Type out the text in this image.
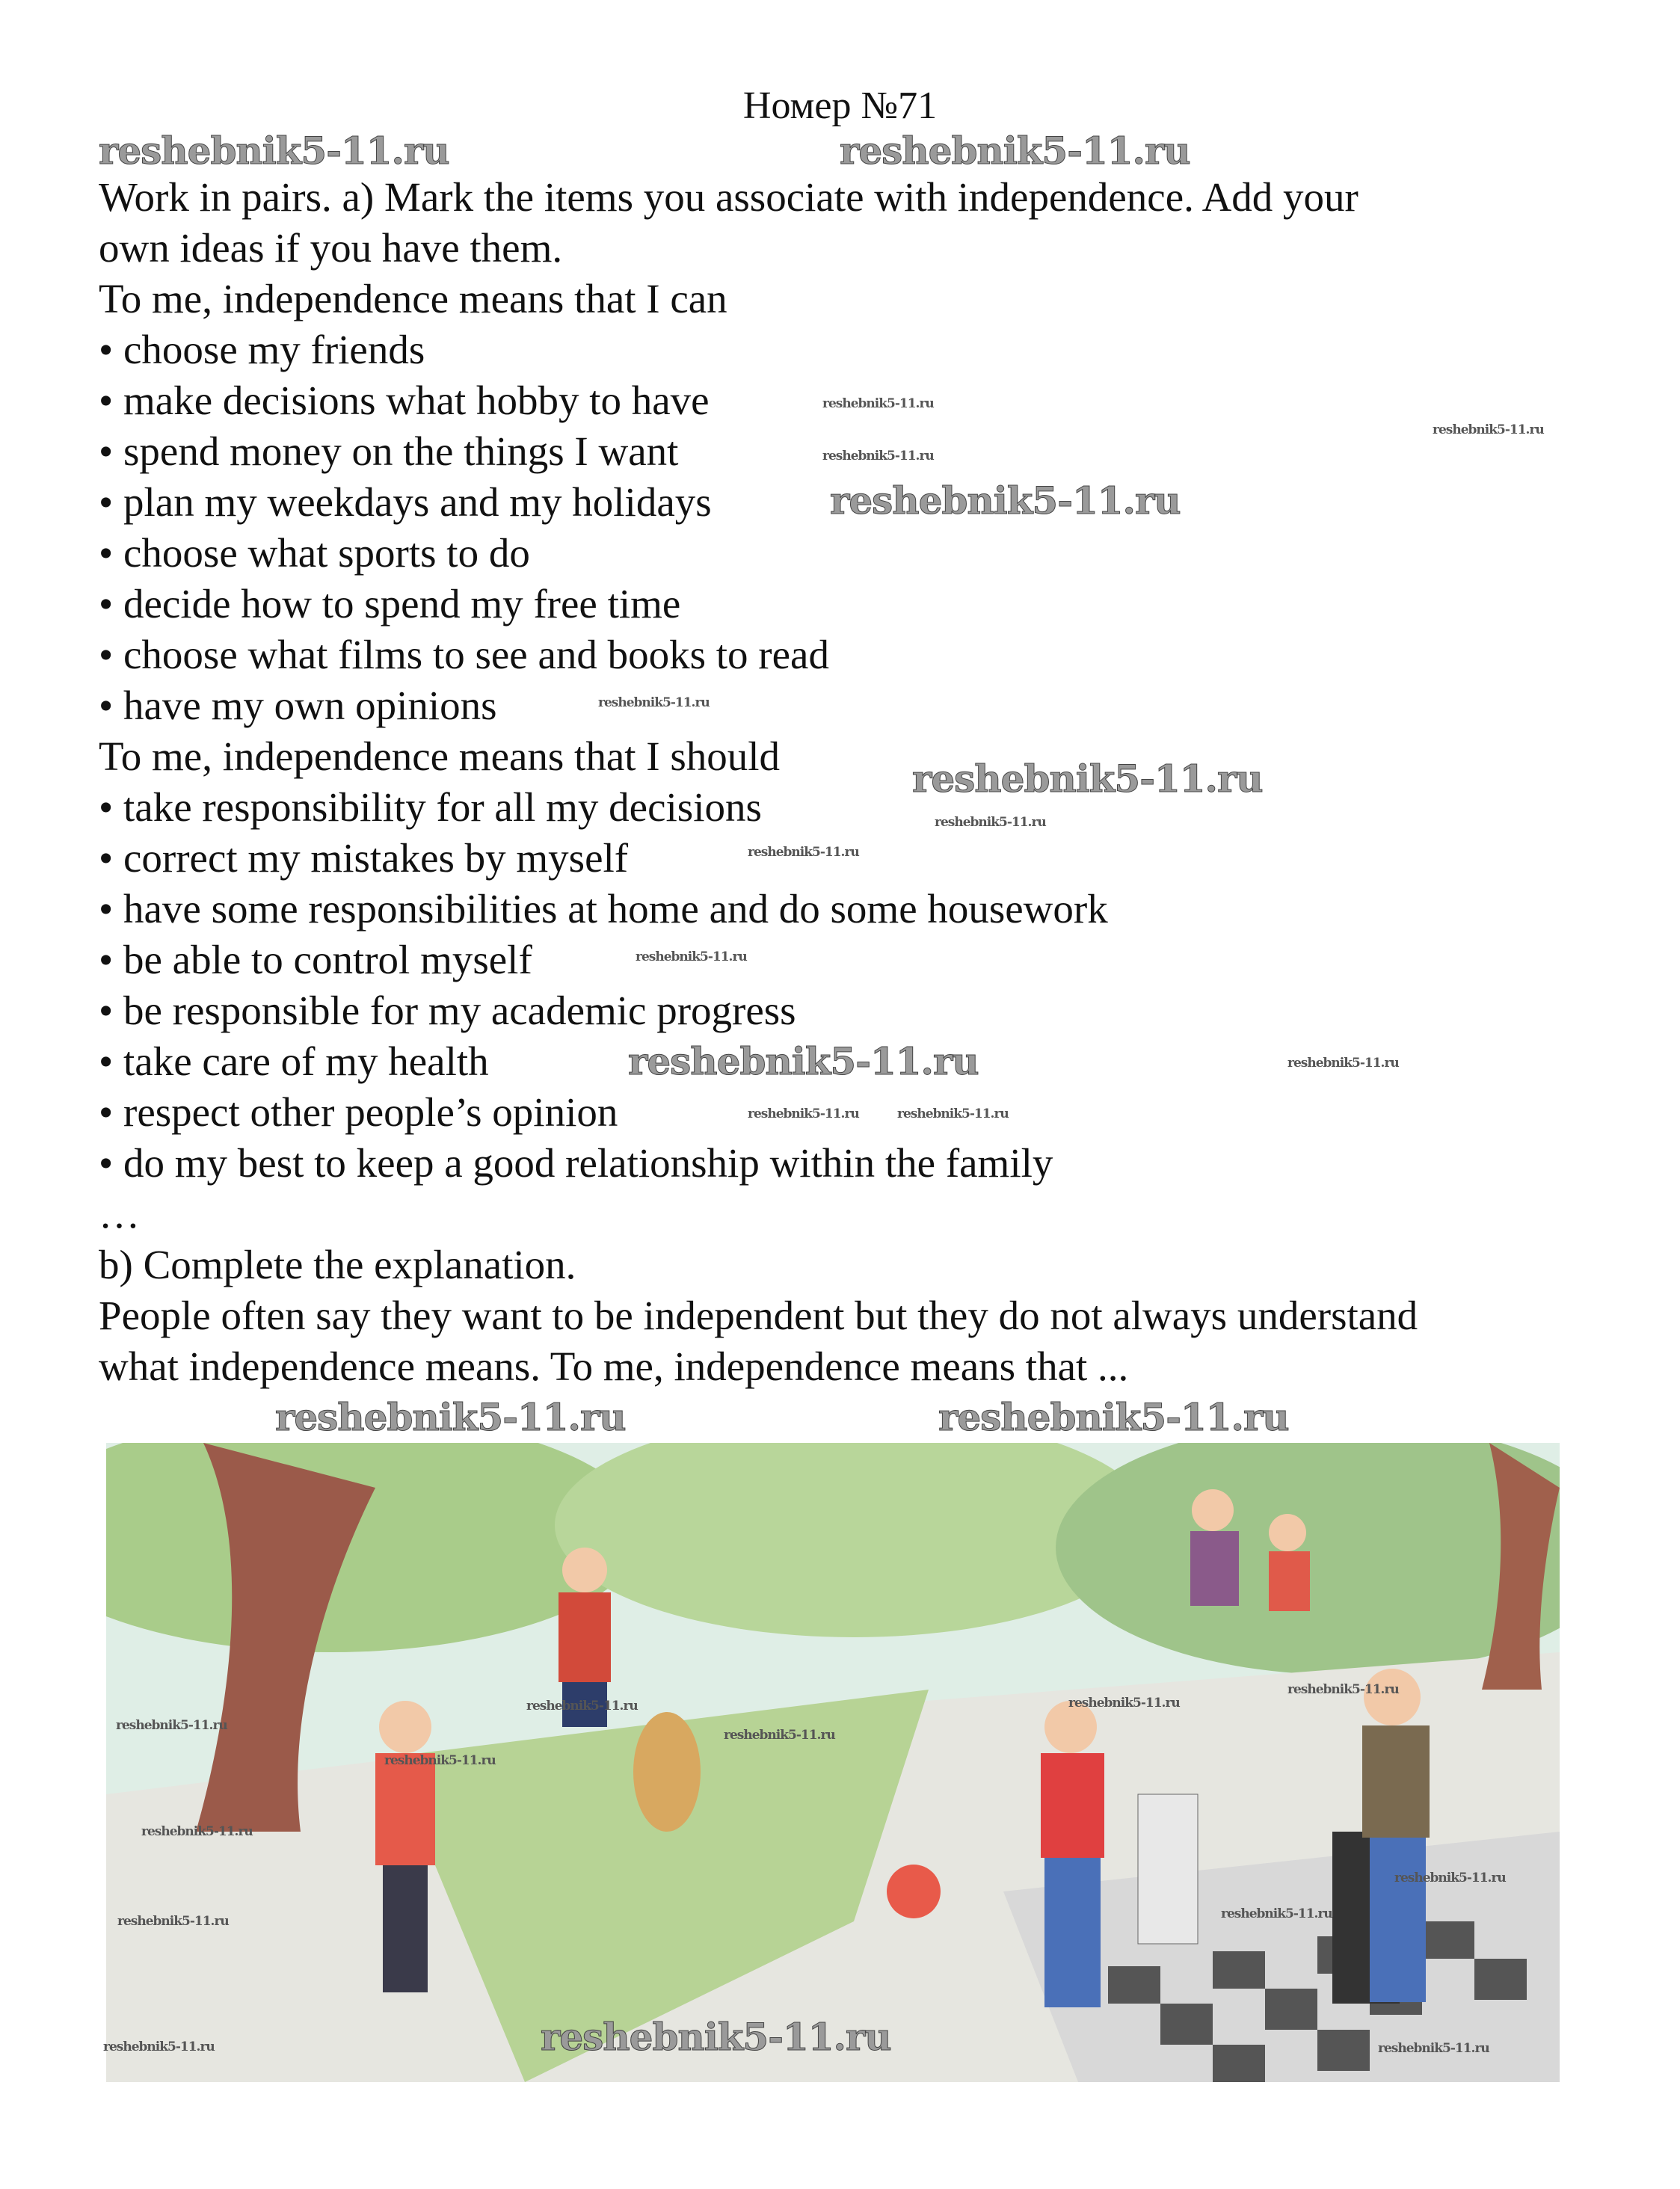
Номер №71
Work in pairs. a) Mark the items you associate with independence. Add your
own ideas if you have them.
To me, independence means that I can
• choose my friends
• make decisions what hobby to have
• spend money on the things I want
• plan my weekdays and my holidays
• choose what sports to do
• decide how to spend my free time
• choose what films to see and books to read
• have my own opinions
To me, independence means that I should
• take responsibility for all my decisions
• correct my mistakes by myself
• have some responsibilities at home and do some housework
• be able to control myself
• be responsible for my academic progress
• take care of my health
• respect other people’s opinion
• do my best to keep a good relationship within the family
…
b) Complete the explanation.
People often say they want to be independent but they do not always understand
what independence means. To me, independence means that ...
reshebnik5-11.ru	reshebnik5-11.ru
reshebnik5-11.ru
reshebnik5-11.ru
reshebnik5-11.ru
reshebnik5-11.ru	reshebnik5-11.ru
reshebnik5-11.ru
reshebnik5-11.ru
reshebnik5-11.ru
reshebnik5-11.ru
reshebnik5-11.ru
reshebnik5-11.ru
reshebnik5-11.ru
reshebnik5-11.ru
reshebnik5-11.ru
reshebnik5-11.ru	reshebnik5-11.ru
reshebnik5-11.ru
reshebnik5-11.ru
reshebnik5-11.ru
reshebnik5-11.ru
reshebnik5-11.ru
reshebnik5-11.ru
reshebnik5-11.ru
reshebnik5-11.ru	reshebnik5-11.ru
reshebnik5-11.ru
reshebnik5-11.ru	reshebnik5-11.ru
